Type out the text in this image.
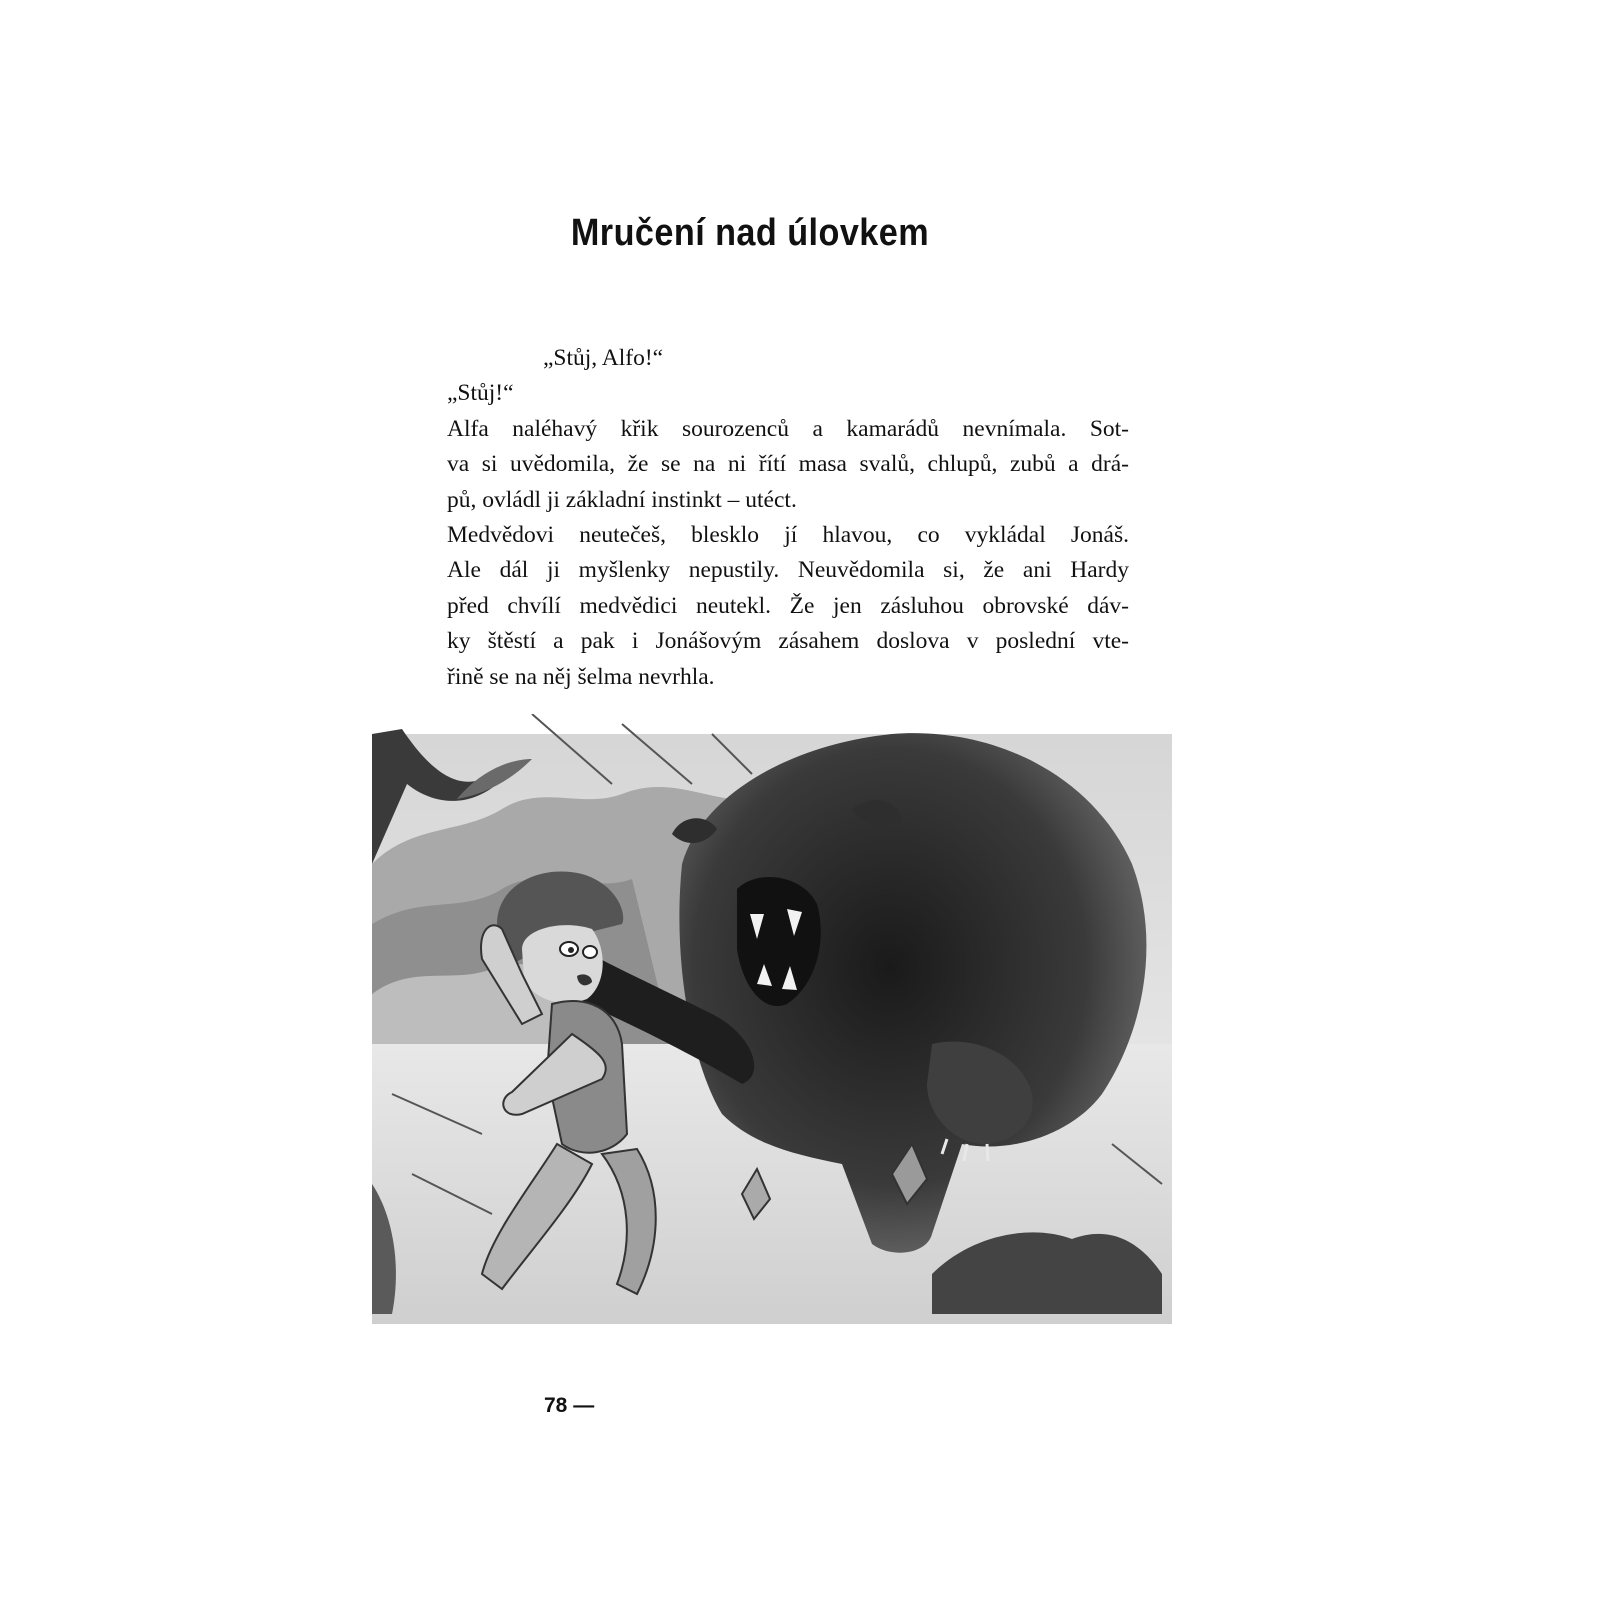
Mručení nad úlovkem
„Stůj, Alfo!“
„Stůj!“
Alfa naléhavý křik sourozenců a kamarádů nevnímala. Sot-
va si uvědomila, že se na ni řítí masa svalů, chlupů, zubů a drá-
pů, ovládl ji základní instinkt – utéct.
Medvědovi neutečeš, blesklo jí hlavou, co vykládal Jonáš.
Ale dál ji myšlenky nepustily. Neuvědomila si, že ani Hardy
před chvílí medvědici neutekl. Že jen zásluhou obrovské dáv-
ky štěstí a pak i Jonášovým zásahem doslova v poslední vte-
řině se na něj šelma nevrhla.
78 —
